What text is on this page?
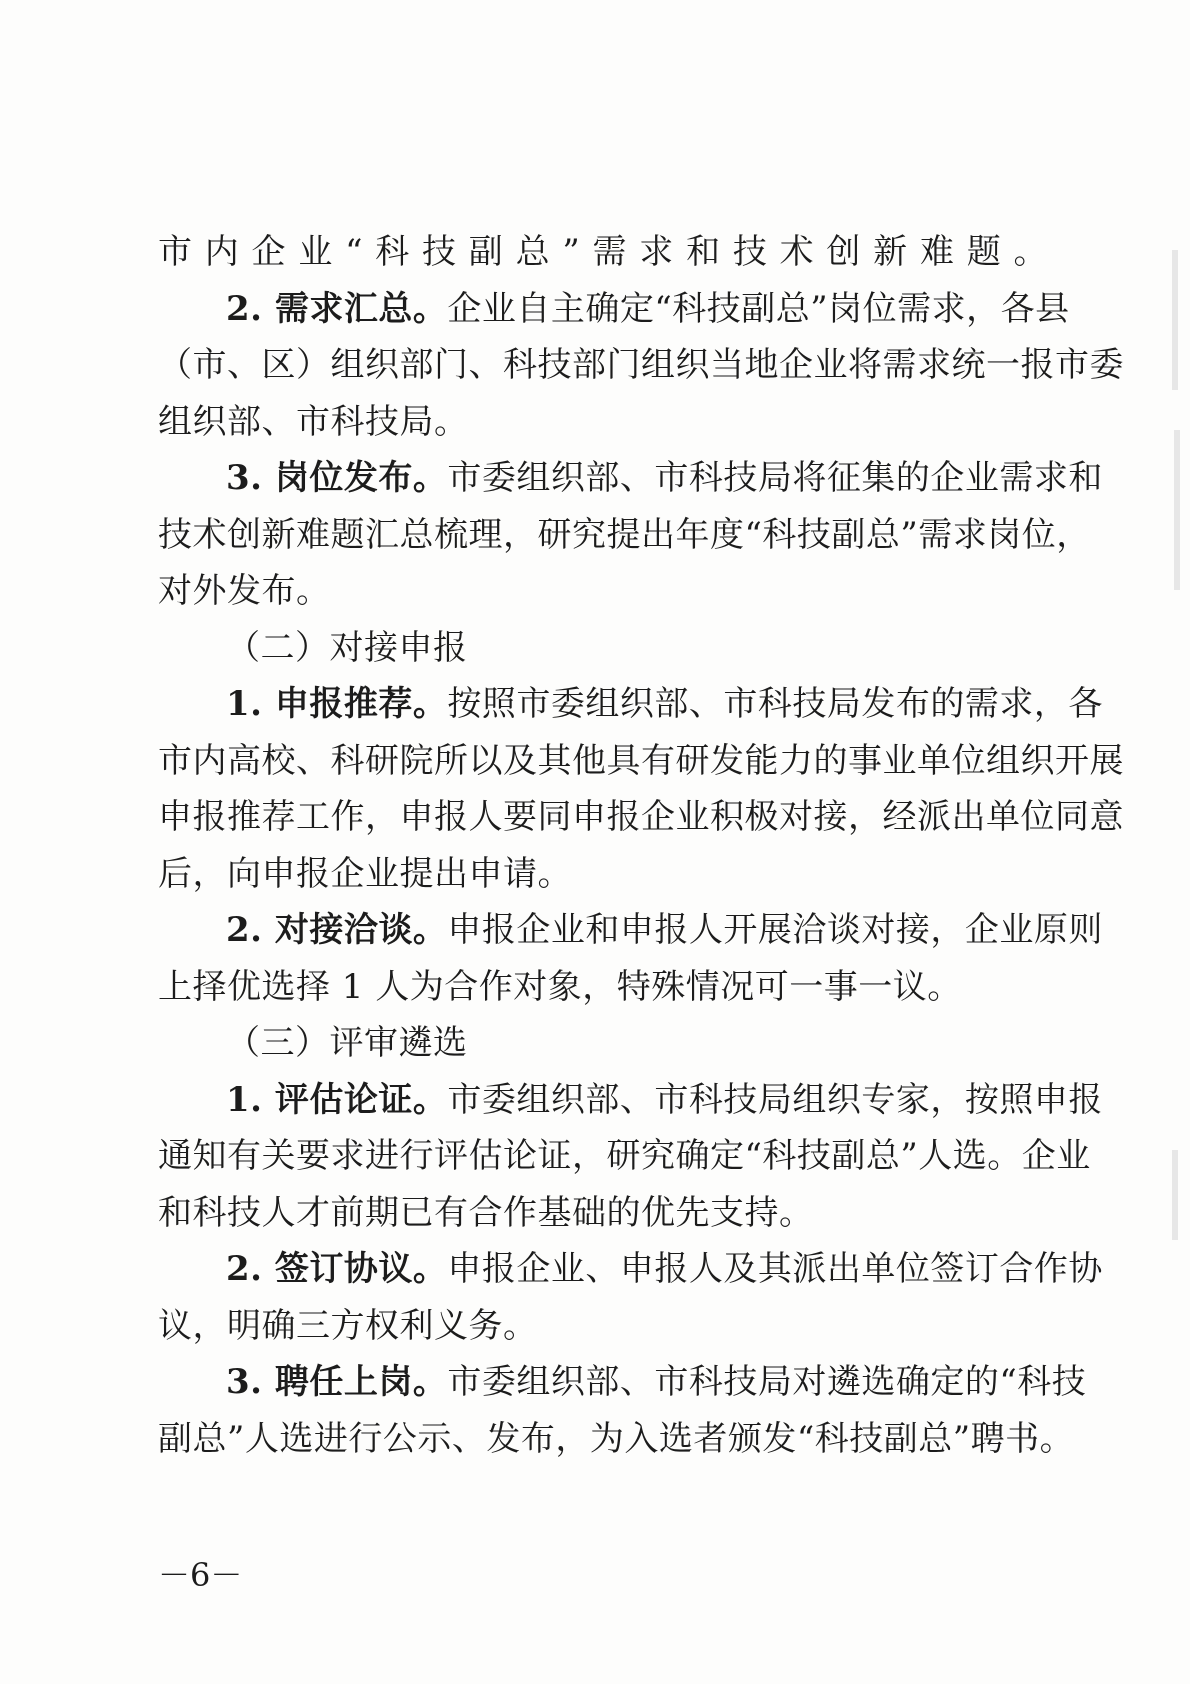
市内企业“科技副总”需求和技术创新难题。
2. 需求汇总。企业自主确定“科技副总”岗位需求，各县
（市、区）组织部门、科技部门组织当地企业将需求统一报市委
组织部、市科技局。
3. 岗位发布。市委组织部、市科技局将征集的企业需求和
技术创新难题汇总梳理，研究提出年度“科技副总”需求岗位，
对外发布。
（二）对接申报
1. 申报推荐。按照市委组织部、市科技局发布的需求，各
市内高校、科研院所以及其他具有研发能力的事业单位组织开展
申报推荐工作，申报人要同申报企业积极对接，经派出单位同意
后，向申报企业提出申请。
2. 对接洽谈。申报企业和申报人开展洽谈对接，企业原则
上择优选择 1 人为合作对象，特殊情况可一事一议。
（三）评审遴选
1. 评估论证。市委组织部、市科技局组织专家，按照申报
通知有关要求进行评估论证，研究确定“科技副总”人选。企业
和科技人才前期已有合作基础的优先支持。
2. 签订协议。申报企业、申报人及其派出单位签订合作协
议，明确三方权利义务。
3. 聘任上岗。市委组织部、市科技局对遴选确定的“科技
副总”人选进行公示、发布，为入选者颁发“科技副总”聘书。
－6－
